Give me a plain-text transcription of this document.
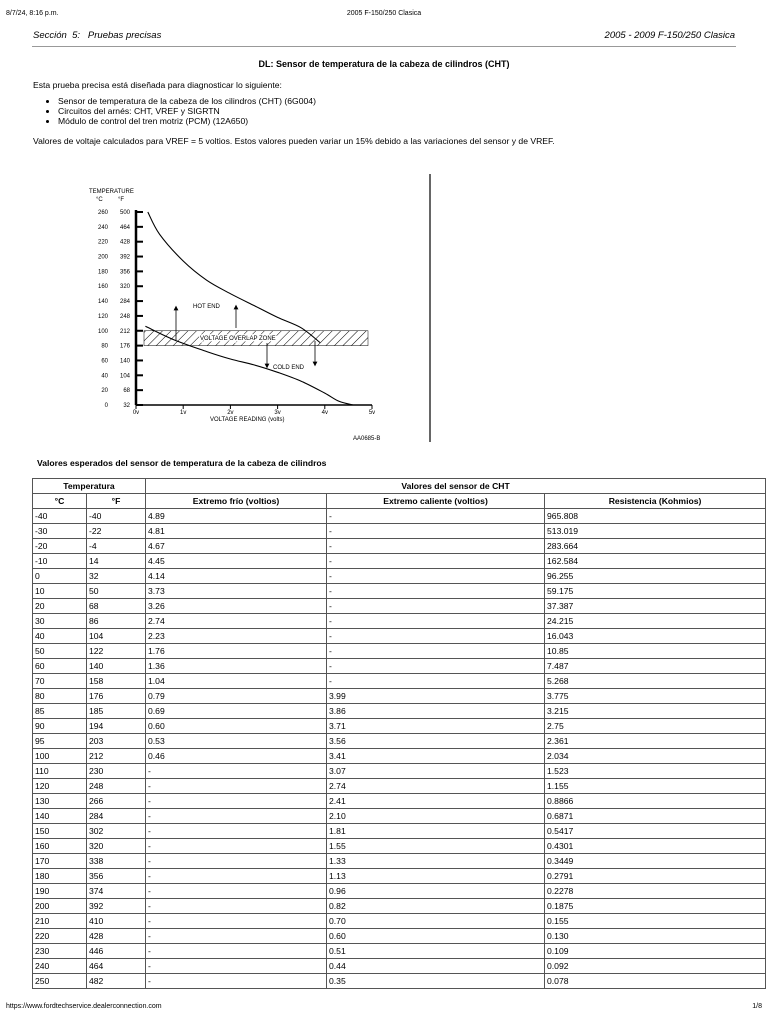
8/7/24, 8:16 p.m.	2005 F-150/250 Clasica
Sección  5:   Pruebas precisas	2005 - 2009 F-150/250 Clasica
DL: Sensor de temperatura de la cabeza de cilindros (CHT)
Esta prueba precisa está diseñada para diagnosticar lo siguiente:
• Sensor de temperatura de la cabeza de los cilindros (CHT) (6G004)
• Circuitos del arnés: CHT, VREF y SIGRTN
• Módulo de control del tren motriz (PCM) (12A650)
Valores de voltaje calculados para VREF = 5 voltios. Estos valores pueden variar un 15% debido a las variaciones del sensor y de VREF.
TEMPERATURE
°C	°F
260 500
240 464
220 428
200 392
180 356
160 320
140 284
120 248
100 212
80 176
60 140
40 104
20	68
0	32
0v	1v	2v	3v	4v	5v
VOLTAGE OVERLAP ZONE
HOT END
COLD END
VOLTAGE READING (volts)
AA0685-B
Valores esperados del sensor de temperatura de la cabeza de cilindros
Temperatura		Valores del sensor de CHT		
°C	°F	Extremo frío (voltios)	Extremo caliente (voltios)	Resistencia (Kohmios)
-40	-40	4.89	-	965.808
-30	-22	4.81	-	513.019
-20	-4	4.67	-	283.664
-10	14	4.45	-	162.584
0	32	4.14	-	96.255
10	50	3.73	-	59.175
20	68	3.26	-	37.387
30	86	2.74	-	24.215
40	104	2.23	-	16.043
50	122	1.76	-	10.85
60	140	1.36	-	7.487
70	158	1.04	-	5.268
80	176	0.79	3.99	3.775
85	185	0.69	3.86	3.215
90	194	0.60	3.71	2.75
95	203	0.53	3.56	2.361
100	212	0.46	3.41	2.034
110	230	-	3.07	1.523
120	248	-	2.74	1.155
130	266	-	2.41	0.8866
140	284	-	2.10	0.6871
150	302	-	1.81	0.5417
160	320	-	1.55	0.4301
170	338	-	1.33	0.3449
180	356	-	1.13	0.2791
190	374	-	0.96	0.2278
200	392	-	0.82	0.1875
210	410	-	0.70	0.155
220	428	-	0.60	0.130
230	446	-	0.51	0.109
240	464	-	0.44	0.092
250	482	-	0.35	0.078
https://www.fordtechservice.dealerconnection.com	1/8
